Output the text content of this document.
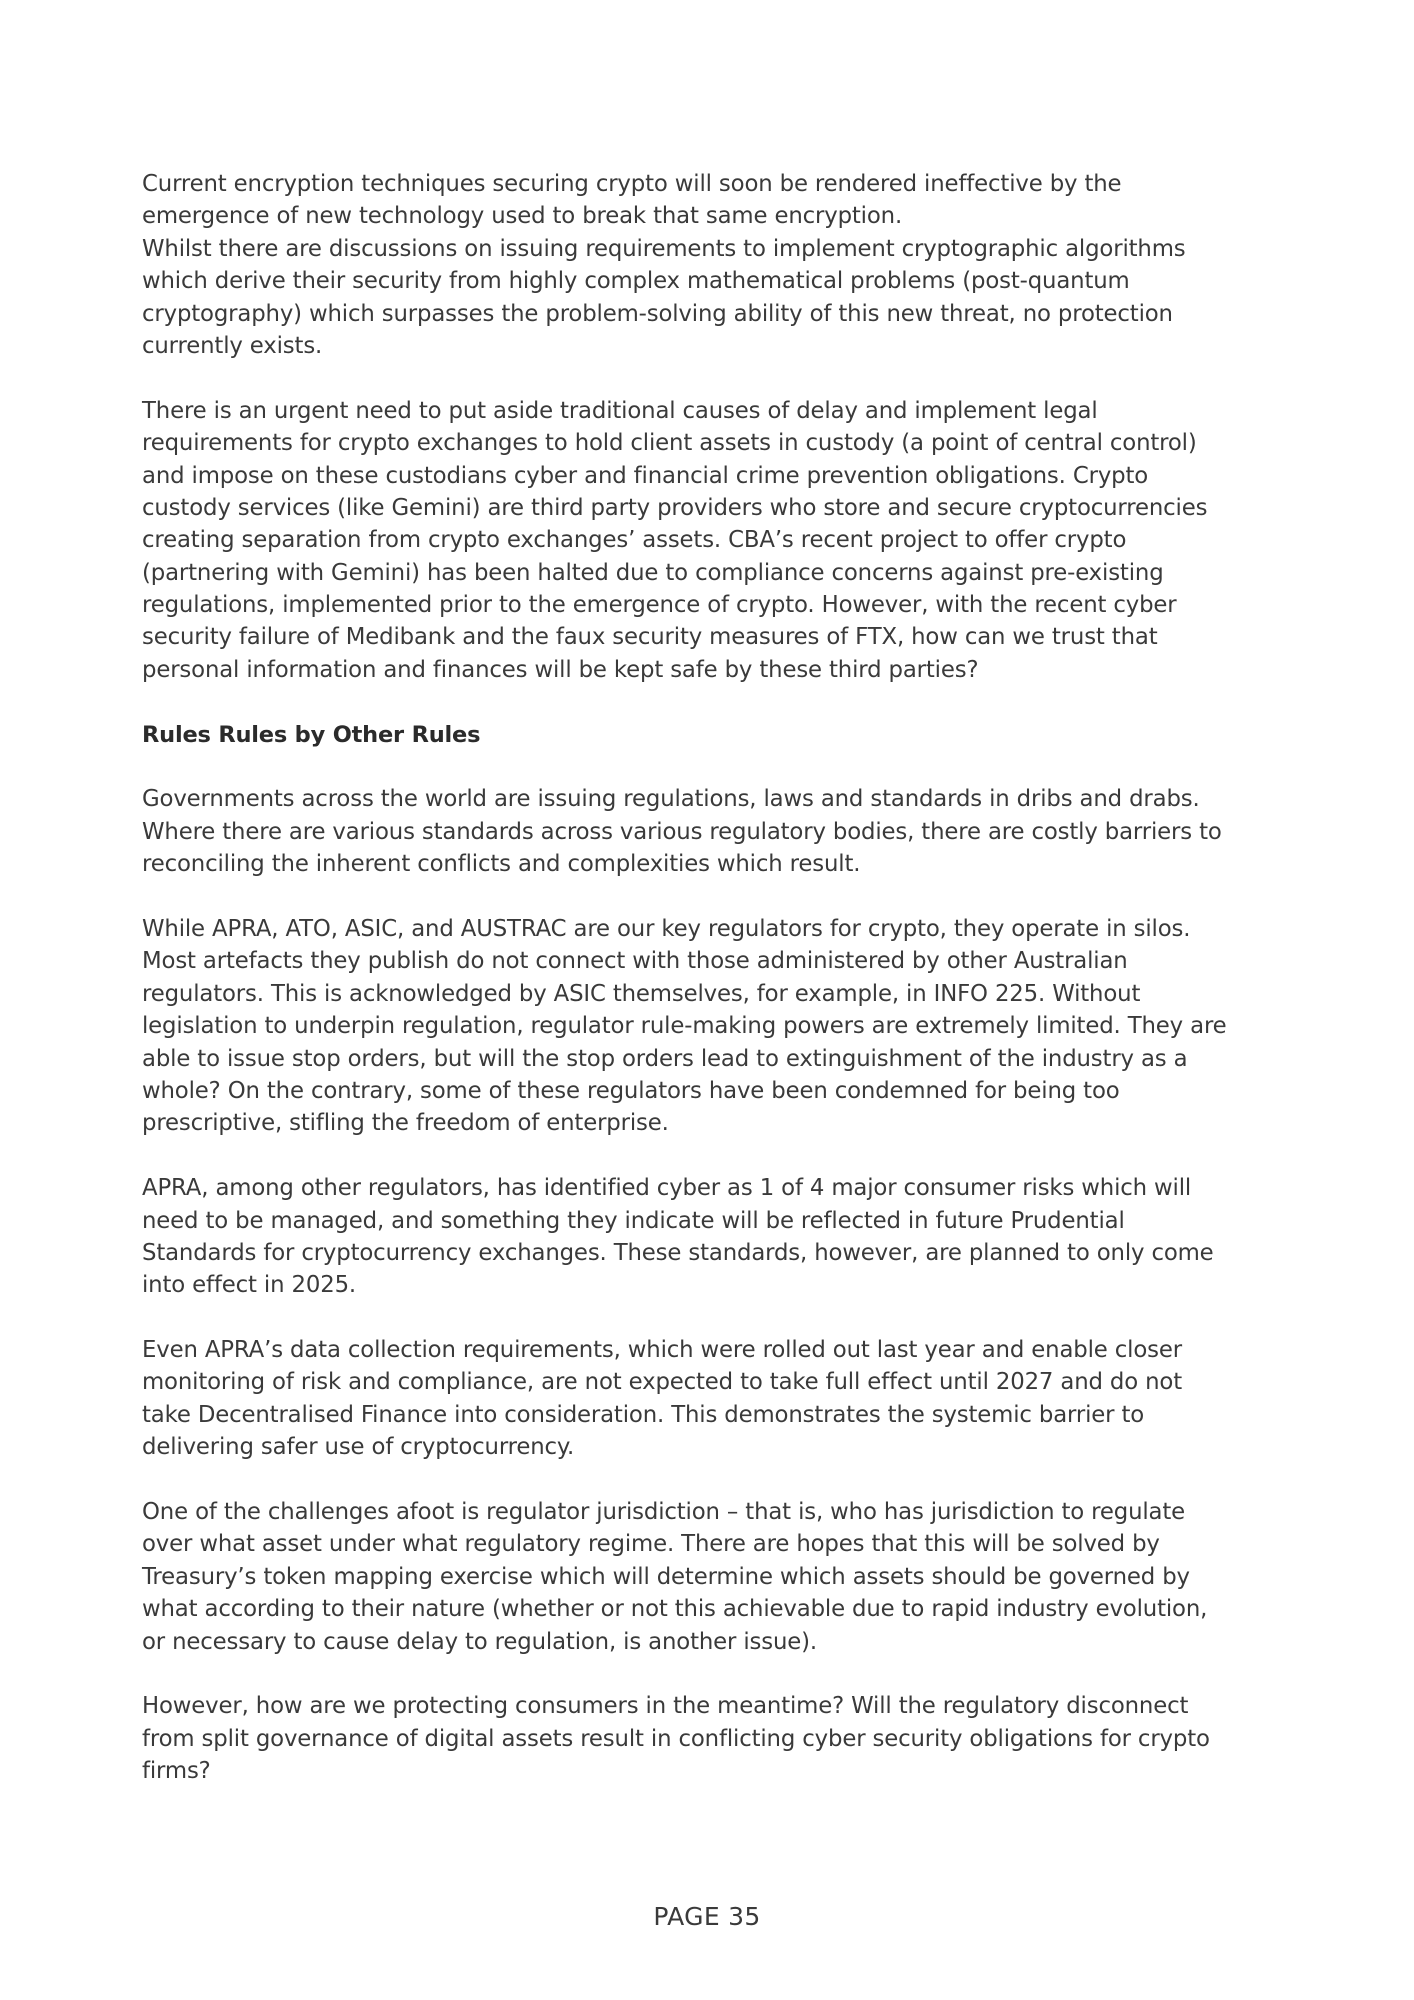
Current encryption techniques securing crypto will soon be rendered ineffective by the
emergence of new technology used to break that same encryption.
Whilst there are discussions on issuing requirements to implement cryptographic algorithms
which derive their security from highly complex mathematical problems (post-quantum
cryptography) which surpasses the problem-solving ability of this new threat, no protection
currently exists.
There is an urgent need to put aside traditional causes of delay and implement legal
requirements for crypto exchanges to hold client assets in custody (a point of central control)
and impose on these custodians cyber and financial crime prevention obligations. Crypto
custody services (like Gemini) are third party providers who store and secure cryptocurrencies
creating separation from crypto exchanges’ assets. CBA’s recent project to offer crypto
(partnering with Gemini) has been halted due to compliance concerns against pre-existing
regulations, implemented prior to the emergence of crypto. However, with the recent cyber
security failure of Medibank and the faux security measures of FTX, how can we trust that
personal information and finances will be kept safe by these third parties?
Rules Rules by Other Rules
Governments across the world are issuing regulations, laws and standards in dribs and drabs.
Where there are various standards across various regulatory bodies, there are costly barriers to
reconciling the inherent conflicts and complexities which result.
While APRA, ATO, ASIC, and AUSTRAC are our key regulators for crypto, they operate in silos.
Most artefacts they publish do not connect with those administered by other Australian
regulators. This is acknowledged by ASIC themselves, for example, in INFO 225. Without
legislation to underpin regulation, regulator rule-making powers are extremely limited. They are
able to issue stop orders, but will the stop orders lead to extinguishment of the industry as a
whole? On the contrary, some of these regulators have been condemned for being too
prescriptive, stifling the freedom of enterprise.
APRA, among other regulators, has identified cyber as 1 of 4 major consumer risks which will
need to be managed, and something they indicate will be reflected in future Prudential
Standards for cryptocurrency exchanges. These standards, however, are planned to only come
into effect in 2025.
Even APRA’s data collection requirements, which were rolled out last year and enable closer
monitoring of risk and compliance, are not expected to take full effect until 2027 and do not
take Decentralised Finance into consideration. This demonstrates the systemic barrier to
delivering safer use of cryptocurrency.
One of the challenges afoot is regulator jurisdiction – that is, who has jurisdiction to regulate
over what asset under what regulatory regime. There are hopes that this will be solved by
Treasury’s token mapping exercise which will determine which assets should be governed by
what according to their nature (whether or not this achievable due to rapid industry evolution,
or necessary to cause delay to regulation, is another issue).
However, how are we protecting consumers in the meantime? Will the regulatory disconnect
from split governance of digital assets result in conflicting cyber security obligations for crypto
firms?
PAGE 35
